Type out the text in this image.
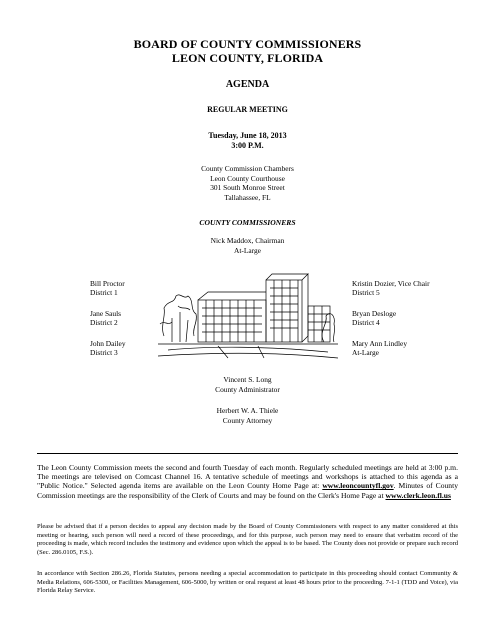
BOARD OF COUNTY COMMISSIONERS
LEON COUNTY, FLORIDA
AGENDA
REGULAR MEETING
Tuesday, June 18, 2013
3:00 P.M.
County Commission Chambers
Leon County Courthouse
301 South Monroe Street
Tallahassee, FL
COUNTY COMMISSIONERS
Nick Maddox, Chairman
At-Large
Bill Proctor
District 1
Jane Sauls
District 2
John Dailey
District 3
Kristin Dozier, Vice Chair
District 5
Bryan Desloge
District 4
Mary Ann Lindley
At-Large
Vincent S. Long
County Administrator
Herbert W. A. Thiele
County Attorney
The Leon County Commission meets the second and fourth Tuesday of each month. Regularly scheduled meetings are held at 3:00 p.m. The meetings are televised on Comcast Channel 16. A tentative schedule of meetings and workshops is attached to this agenda as a "Public Notice." Selected agenda items are available on the Leon County Home Page at: www.leoncountyfl.gov. Minutes of County Commission meetings are the responsibility of the Clerk of Courts and may be found on the Clerk's Home Page at www.clerk.leon.fl.us
Please be advised that if a person decides to appeal any decision made by the Board of County Commissioners with respect to any matter considered at this meeting or hearing, such person will need a record of these proceedings, and for this purpose, such person may need to ensure that verbatim record of the proceeding is made, which record includes the testimony and evidence upon which the appeal is to be based. The County does not provide or prepare such record (Sec. 286.0105, F.S.).
In accordance with Section 286.26, Florida Statutes, persons needing a special accommodation to participate in this proceeding should contact Community & Media Relations, 606-5300, or Facilities Management, 606-5000, by written or oral request at least 48 hours prior to the proceeding. 7-1-1 (TDD and Voice), via Florida Relay Service.
